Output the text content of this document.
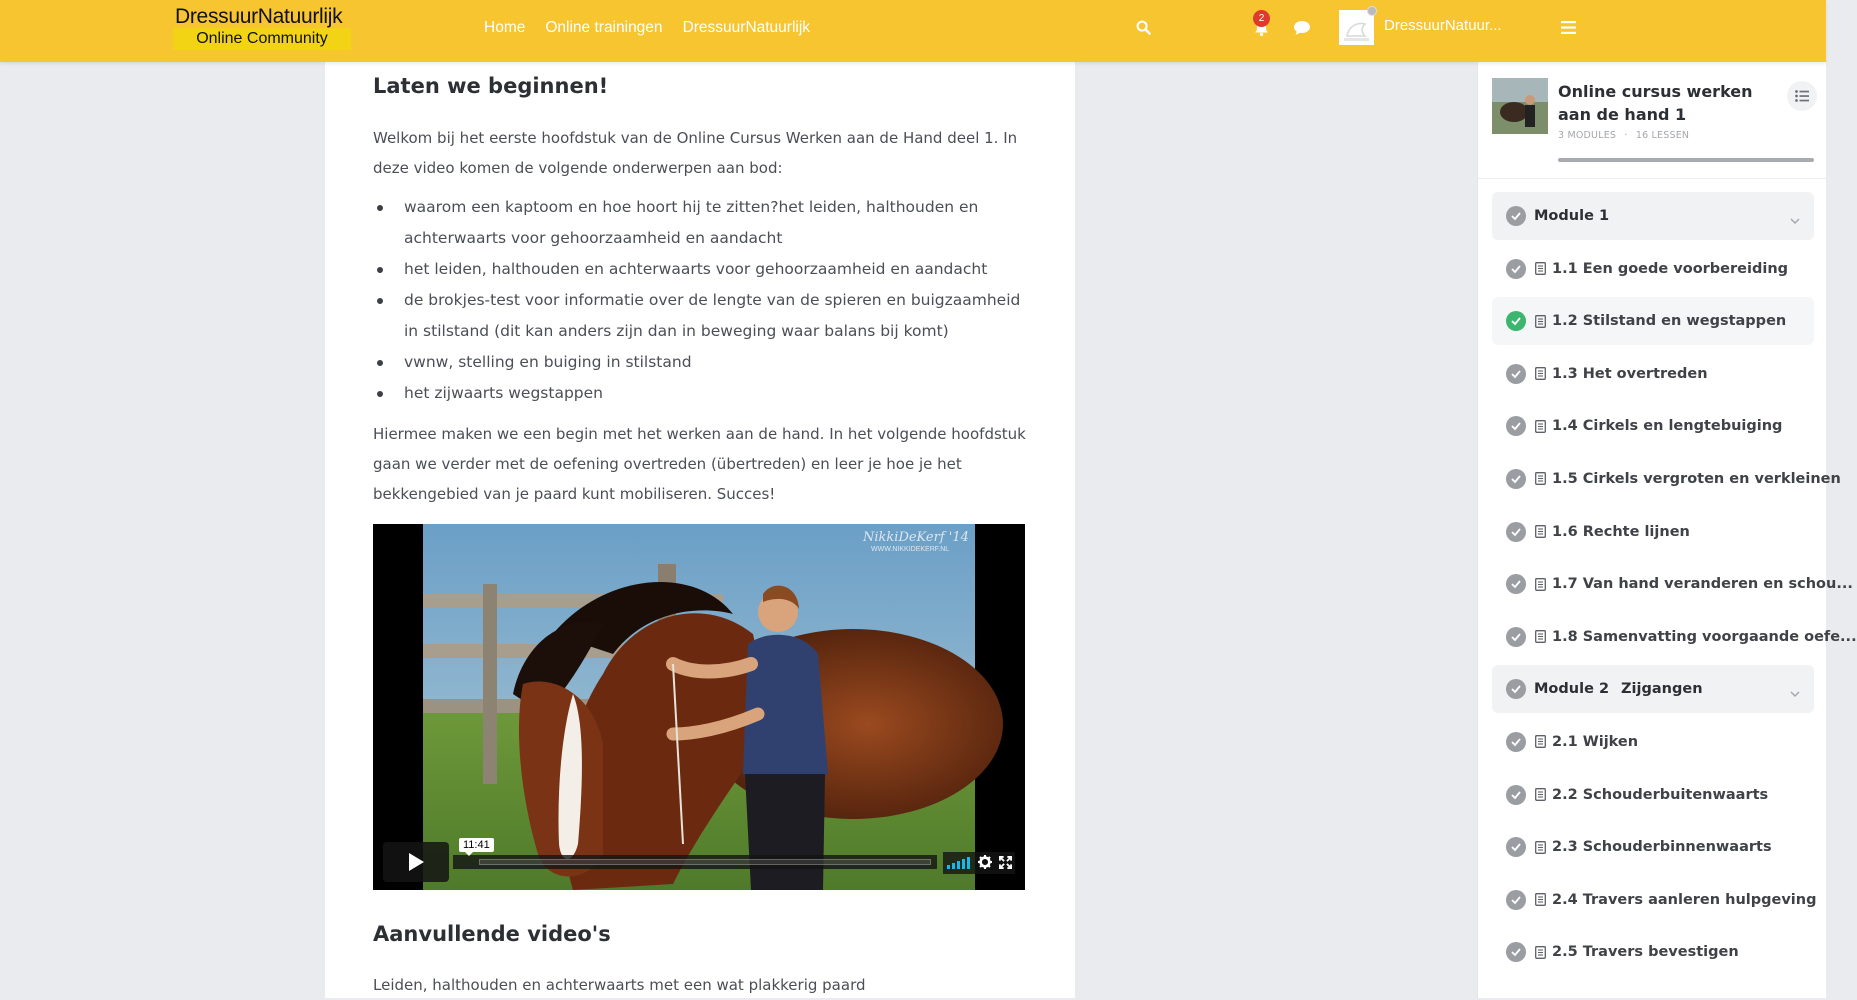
DressuurNatuurlijk
Online Community
Home Online trainingen DressuurNatuurlijk
2	DressuurNatuur...
Laten we beginnen!

Welkom bij het eerste hoofdstuk van de Online Cursus Werken aan de Hand deel 1. In deze video komen de volgende onderwerpen aan bod:

waarom een kaptoom en hoe hoort hij te zitten?het leiden, halthouden en achterwaarts voor gehoorzaamheid en aandacht
het leiden, halthouden en achterwaarts voor gehoorzaamheid en aandacht
de brokjes-test voor informatie over de lengte van de spieren en buigzaamheid in stilstand (dit kan anders zijn dan in beweging waar balans bij komt)
vwnw, stelling en buiging in stilstand
het zijwaarts wegstappen

Hiermee maken we een begin met het werken aan de hand. In het volgende hoofdstuk gaan we verder met de oefening overtreden (übertreden) en leer je hoe je het bekkengebied van je paard kunt mobiliseren. Succes!

NikkiDeKerf '14
WWW.NIKKIDEKERF.NL
11:41
Aanvullende video's

Leiden, halthouden en achterwaarts met een wat plakkerig paard

Online cursus werken aan de hand 1
3 MODULES · 16 LESSEN
Module 1
1.1 Een goede voorbereiding
1.2 Stilstand en wegstappen
1.3 Het overtreden
1.4 Cirkels en lengtebuiging
1.5 Cirkels vergroten en verkleinen
1.6 Rechte lijnen
1.7 Van hand veranderen en schou...
1.8 Samenvatting voorgaande oefe...
Module 2 Zijgangen
2.1 Wijken
2.2 Schouderbuitenwaarts
2.3 Schouderbinnenwaarts
2.4 Travers aanleren hulpgeving
2.5 Travers bevestigen
